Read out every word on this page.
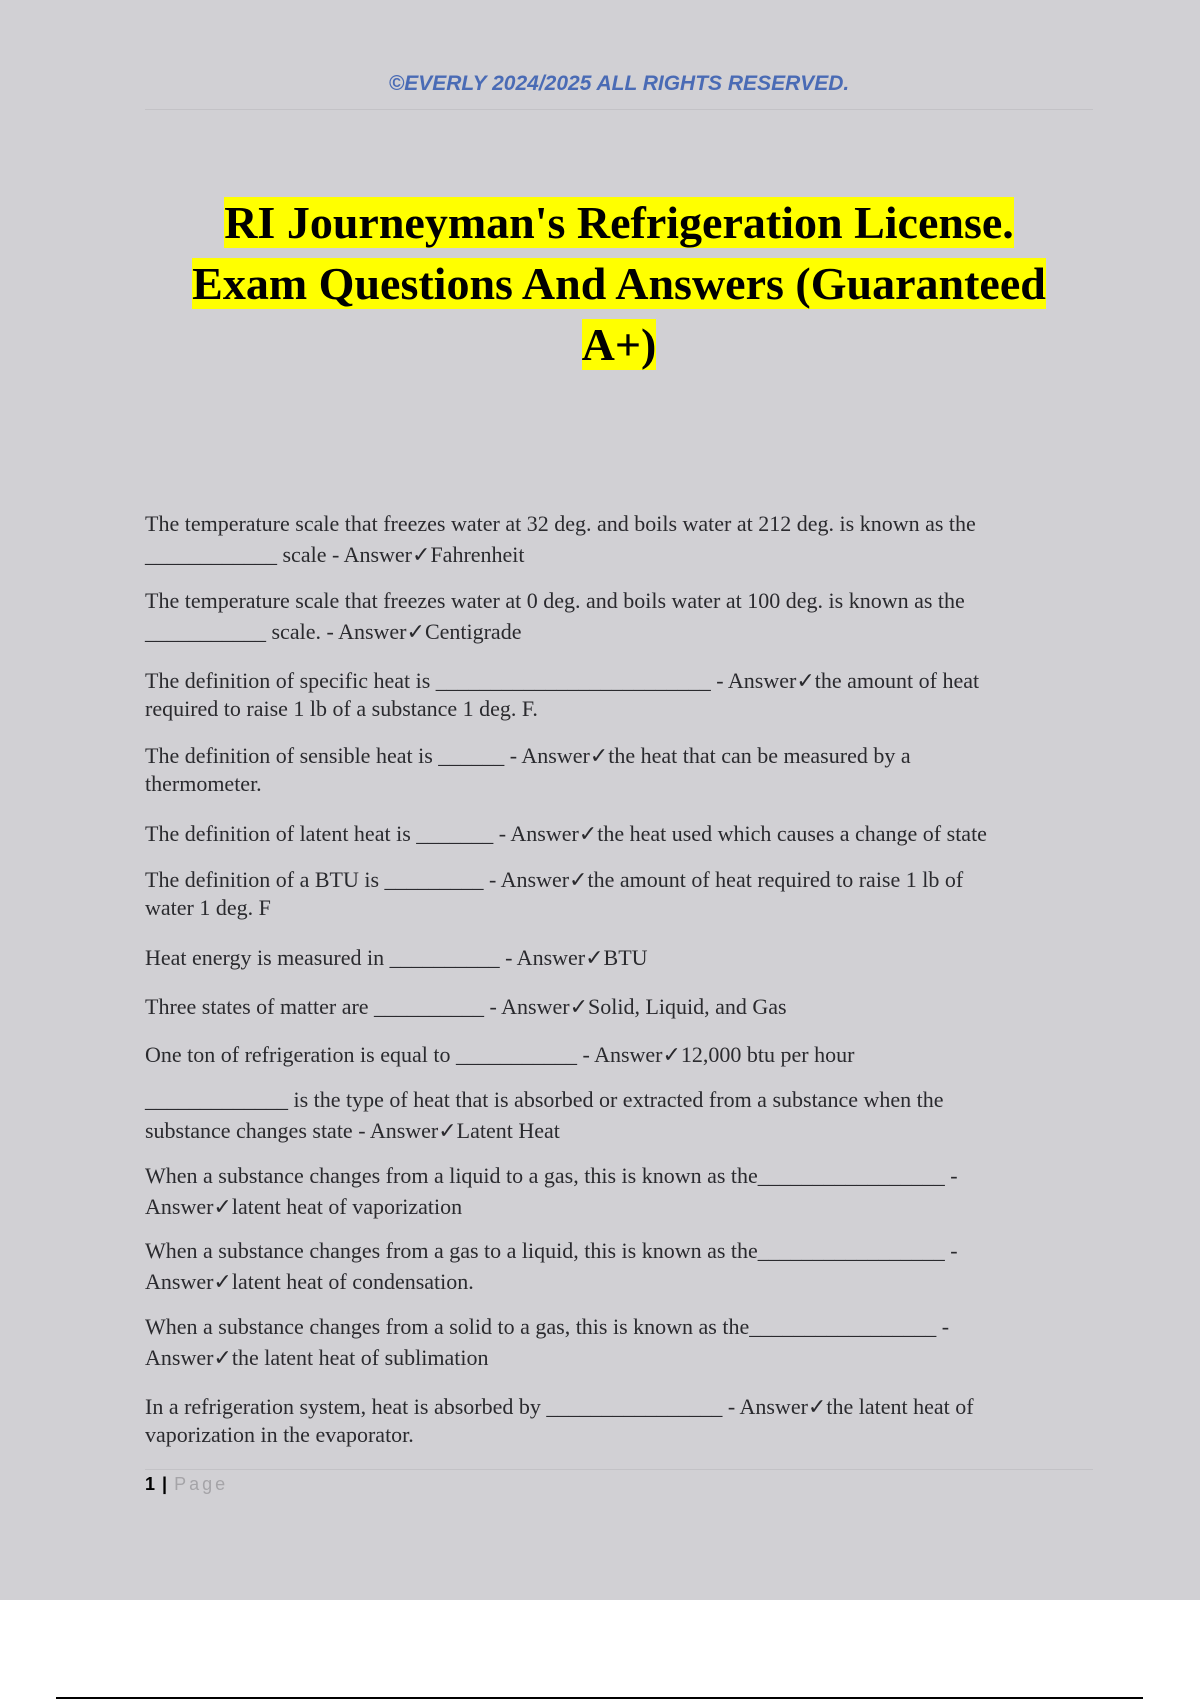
©EVERLY 2024/2025 ALL RIGHTS RESERVED.
RI Journeyman's Refrigeration License.
Exam Questions And Answers (Guaranteed
A+)

The temperature scale that freezes water at 32 deg. and boils water at 212 deg. is known as the
____________ scale - Answer✓Fahrenheit

The temperature scale that freezes water at 0 deg. and boils water at 100 deg. is known as the
___________ scale. - Answer✓Centigrade

The definition of specific heat is _________________________ - Answer✓the amount of heat
required to raise 1 lb of a substance 1 deg. F.

The definition of sensible heat is ______ - Answer✓the heat that can be measured by a
thermometer.

The definition of latent heat is _______ - Answer✓the heat used which causes a change of state

The definition of a BTU is _________ - Answer✓the amount of heat required to raise 1 lb of
water 1 deg. F

Heat energy is measured in __________ - Answer✓BTU

Three states of matter are __________ - Answer✓Solid, Liquid, and Gas

One ton of refrigeration is equal to ___________ - Answer✓12,000 btu per hour

_____________ is the type of heat that is absorbed or extracted from a substance when the
substance changes state - Answer✓Latent Heat

When a substance changes from a liquid to a gas, this is known as the_________________ -
Answer✓latent heat of vaporization

When a substance changes from a gas to a liquid, this is known as the_________________ -
Answer✓latent heat of condensation.

When a substance changes from a solid to a gas, this is known as the_________________ -
Answer✓the latent heat of sublimation

In a refrigeration system, heat is absorbed by ________________ - Answer✓the latent heat of
vaporization in the evaporator.

1 | Page
